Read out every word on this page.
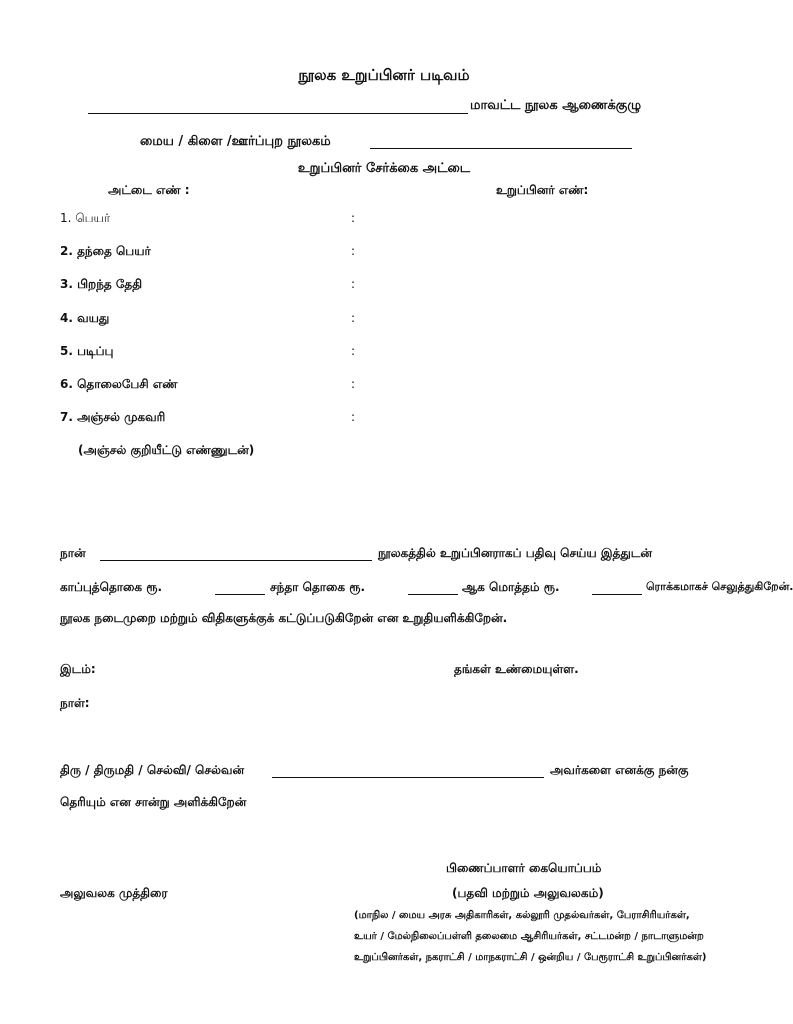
நூலக உறுப்பினர் படிவம்
மாவட்ட நூலக ஆணைக்குழு
மைய / கிளை /ஊர்ப்புற நூலகம்
உறுப்பினர் சேர்க்கை அட்டை
அட்டை எண் :	உறுப்பினர் எண்:
1. பெயர்	:
2. தந்தை பெயர்	:
3. பிறந்த தேதி	:
4. வயது	:
5. படிப்பு	:
6. தொலைபேசி எண்	:
7. அஞ்சல் முகவரி	:
(அஞ்சல் குறியீட்டு எண்ணுடன்)
நான்	நூலகத்தில் உறுப்பினராகப் பதிவு செய்ய இத்துடன்
காப்புத்தொகை ரூ.	சந்தா தொகை ரூ.	ஆக மொத்தம் ரூ.	ரொக்கமாகச் செலுத்துகிறேன்.
நூலக நடைமுறை மற்றும் விதிகளுக்குக் கட்டுப்படுகிறேன் என உறுதியளிக்கிறேன்.
இடம்:	தங்கள் உண்மையுள்ள.
நாள்:
திரு / திருமதி / செல்வி/ செல்வன்	அவர்களை எனக்கு நன்கு
தெரியும் என சான்று அளிக்கிறேன்
பிணைப்பாளர் கையொப்பம்
அலுவலக முத்திரை	(பதவி மற்றும் அலுவலகம்)
(மாநில / மைய அரசு அதிகாரிகள், கல்லூரி முதல்வர்கள், பேராசிரியர்கள்,
உயர் / மேல்நிலைப்பள்ளி தலைமை ஆசிரியர்கள், சட்டமன்ற / நாடாளுமன்ற
உறுப்பினர்கள், நகராட்சி / மாநகராட்சி / ஒன்றிய / பேரூராட்சி உறுப்பினர்கள்)
